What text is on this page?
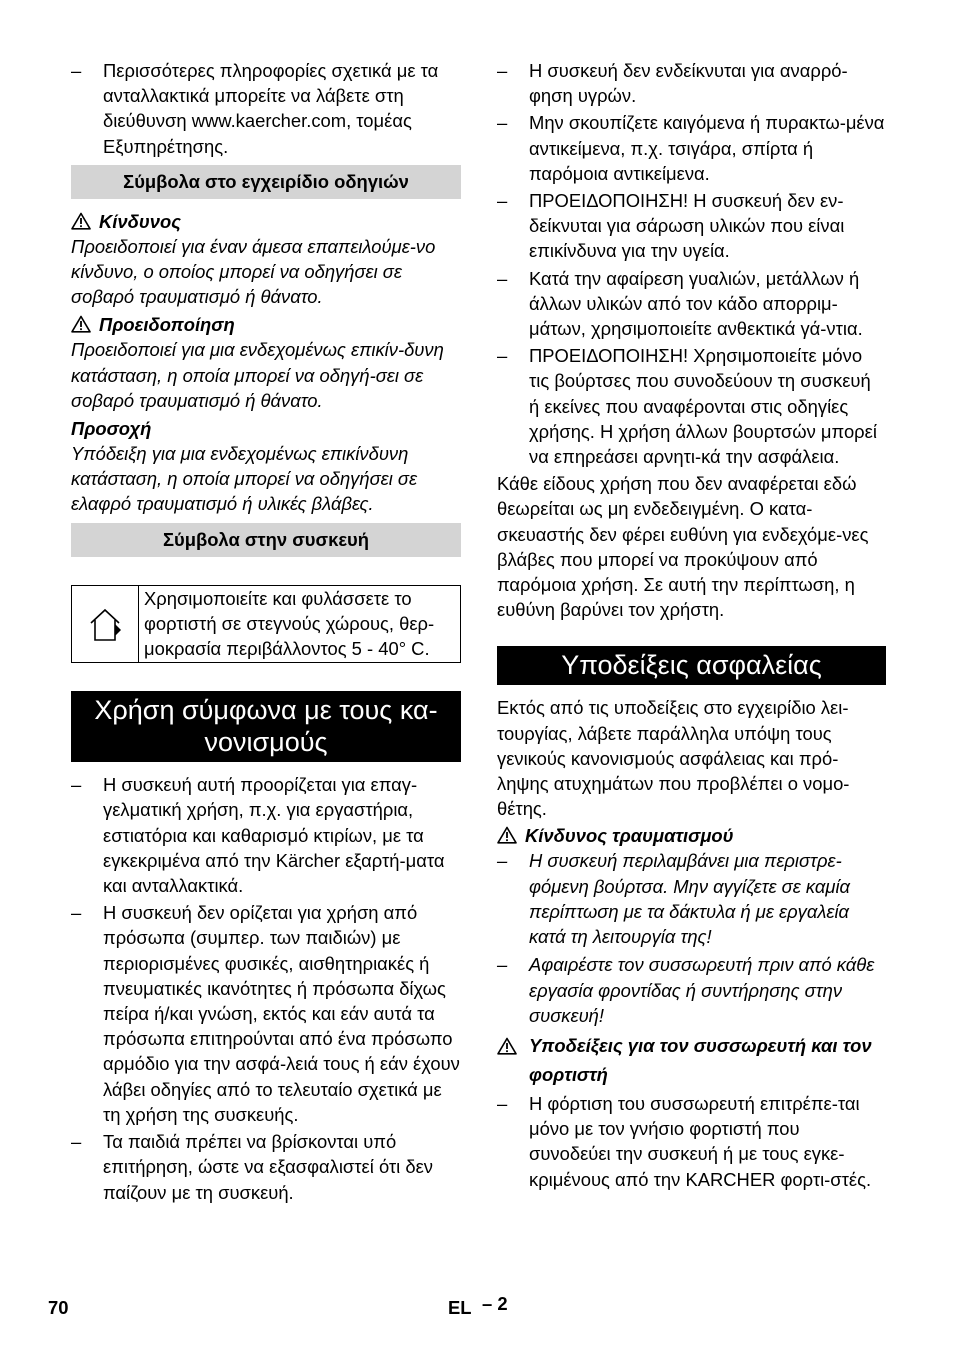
– Περισσότερες πληροφορίες σχετικά με τα ανταλλακτικά μπορείτε να λάβετε στη διεύθυνση www.kaercher.com, τομέας Εξυπηρέτησης.

Σύμβολα στο εγχειρίδιο οδηγιών
Κίνδυνος

Προειδοποιεί για έναν άμεσα επαπειλούμε-νο κίνδυνο, ο οποίος μπορεί να οδηγήσει σε σοβαρό τραυματισμό ή θάνατο.

Προειδοποίηση

Προειδοποιεί για μια ενδεχομένως επικίν-δυνη κατάσταση, η οποία μπορεί να οδηγή-σει σε σοβαρό τραυματισμό ή θάνατο.

Προσοχή

Υπόδειξη για μια ενδεχομένως επικίνδυνη κατάσταση, η οποία μπορεί να οδηγήσει σε ελαφρό τραυματισμό ή υλικές βλάβες.

Σύμβολα στην συσκευή
Χρησιμοποιείτε και φυλάσσετε το φορτιστή σε στεγνούς χώρους, θερ-μοκρασία περιβάλλοντος 5 - 40° C.
Χρήση σύμφωνα με τους κα-νονισμούς
– Η συσκευή αυτή προορίζεται για επαγ-γελματική χρήση, π.χ. για εργαστήρια, εστιατόρια και καθαρισμό κτιρίων, με τα εγκεκριμένα από την Kärcher εξαρτή-ματα και ανταλλακτικά.

– Η συσκευή δεν ορίζεται για χρήση από πρόσωπα (συμπερ. των παιδιών) με περιορισμένες φυσικές, αισθητηριακές ή πνευματικές ικανότητες ή πρόσωπα δίχως πείρα ή/και γνώση, εκτός και εάν αυτά τα πρόσωπα επιτηρούνται από ένα πρόσωπο αρμόδιο για την ασφά-λειά τους ή εάν έχουν λάβει οδηγίες από το τελευταίο σχετικά με τη χρήση της συσκευής.

– Τα παιδιά πρέπει να βρίσκονται υπό επιτήρηση, ώστε να εξασφαλιστεί ότι δεν παίζουν με τη συσκευή.

– Η συσκευή δεν ενδείκνυται για αναρρό-φηση υγρών.

– Μην σκουπίζετε καιγόμενα ή πυρακτω-μένα αντικείμενα, π.χ. τσιγάρα, σπίρτα ή παρόμοια αντικείμενα.

– ΠΡΟΕΙΔΟΠΟΙΗΣΗ! Η συσκευή δεν εν-δείκνυται για σάρωση υλικών που είναι επικίνδυνα για την υγεία.

– Κατά την αφαίρεση γυαλιών, μετάλλων ή άλλων υλικών από τον κάδο απορριμ-μάτων, χρησιμοποιείτε ανθεκτικά γά-ντια.

– ΠΡΟΕΙΔΟΠΟΙΗΣΗ! Χρησιμοποιείτε μόνο τις βούρτσες που συνοδεύουν τη συσκευή ή εκείνες που αναφέρονται στις οδηγίες χρήσης. Η χρήση άλλων βουρτσών μπορεί να επηρεάσει αρνητι-κά την ασφάλεια.

Κάθε είδους χρήση που δεν αναφέρεται εδώ θεωρείται ως μη ενδεδειγμένη. Ο κατα-σκευαστής δεν φέρει ευθύνη για ενδεχόμε-νες βλάβες που μπορεί να προκύψουν από παρόμοια χρήση. Σε αυτή την περίπτωση, η ευθύνη βαρύνει τον χρήστη.

Υποδείξεις ασφαλείας

Εκτός από τις υποδείξεις στο εγχειρίδιο λει-τουργίας, λάβετε παράλληλα υπόψη τους γενικούς κανονισμούς ασφάλειας και πρό-ληψης ατυχημάτων που προβλέπει ο νομο-θέτης.

Κίνδυνος τραυματισμού
– Η συσκευή περιλαμβάνει μια περιστρε-φόμενη βούρτσα. Μην αγγίζετε σε καμία περίπτωση με τα δάκτυλα ή με εργαλεία κατά τη λειτουργία της!

– Αφαιρέστε τον συσσωρευτή πριν από κάθε εργασία φροντίδας ή συντήρησης στην συσκευή!

Υποδείξεις για τον συσσωρευτή και τον φορτιστή
– Η φόρτιση του συσσωρευτή επιτρέπε-ται μόνο με τον γνήσιο φορτιστή που συνοδεύει την συσκευή ή με τους εγκε-κριμένους από την KARCHER φορτι-στές.

70	EL – 2
